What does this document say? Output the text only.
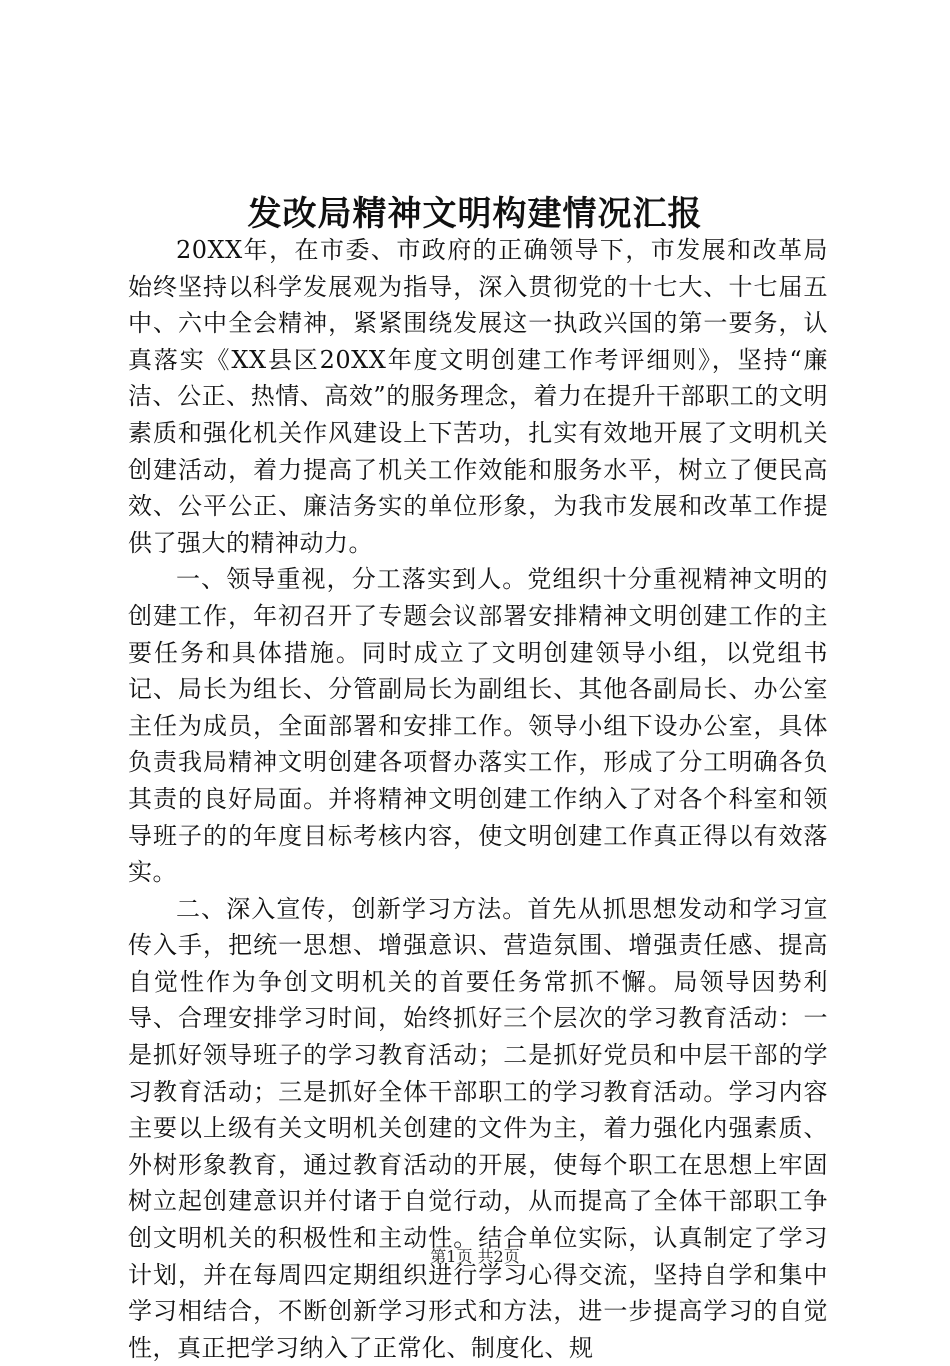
发改局精神文明构建情况汇报

20XX年，在市委、市政府的正确领导下，市发展和改革局始终坚持以科学发展观为指导，深入贯彻党的十七大、十七届五中、六中全会精神，紧紧围绕发展这一执政兴国的第一要务，认真落实《XX县区20XX年度文明创建工作考评细则》，坚持“廉洁、公正、热情、高效”的服务理念，着力在提升干部职工的文明素质和强化机关作风建设上下苦功，扎实有效地开展了文明机关创建活动，着力提高了机关工作效能和服务水平，树立了便民高效、公平公正、廉洁务实的单位形象，为我市发展和改革工作提供了强大的精神动力。

一、领导重视，分工落实到人。党组织十分重视精神文明的创建工作，年初召开了专题会议部署安排精神文明创建工作的主要任务和具体措施。同时成立了文明创建领导小组，以党组书记、局长为组长、分管副局长为副组长、其他各副局长、办公室主任为成员，全面部署和安排工作。领导小组下设办公室，具体负责我局精神文明创建各项督办落实工作，形成了分工明确各负其责的良好局面。并将精神文明创建工作纳入了对各个科室和领导班子的的年度目标考核内容，使文明创建工作真正得以有效落实。

二、深入宣传，创新学习方法。首先从抓思想发动和学习宣传入手，把统一思想、增强意识、营造氛围、增强责任感、提高自觉性作为争创文明机关的首要任务常抓不懈。局领导因势利导、合理安排学习时间，始终抓好三个层次的学习教育活动：一是抓好领导班子的学习教育活动；二是抓好党员和中层干部的学习教育活动；三是抓好全体干部职工的学习教育活动。学习内容主要以上级有关文明机关创建的文件为主，着力强化内强素质、外树形象教育，通过教育活动的开展，使每个职工在思想上牢固树立起创建意识并付诸于自觉行动，从而提高了全体干部职工争创文明机关的积极性和主动性。结合单位实际，认真制定了学习计划，并在每周四定期组织进行学习心得交流，坚持自学和集中学习相结合，不断创新学习形式和方法，进一步提高学习的自觉性，真正把学习纳入了正常化、制度化、规

第1页 共2页
